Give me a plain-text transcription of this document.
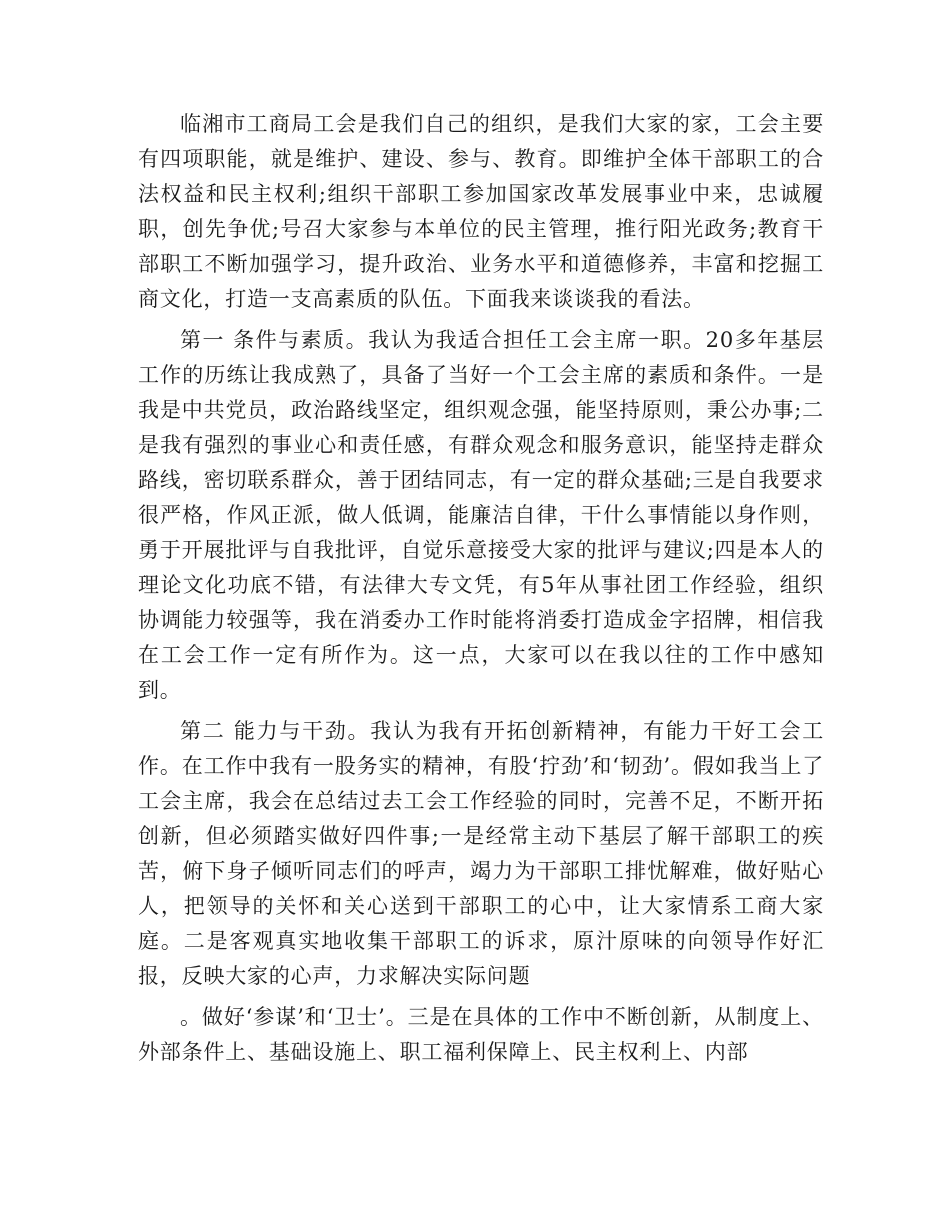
临湘市工商局工会是我们自己的组织，是我们大家的家，工会主要有四项职能，就是维护、建设、参与、教育。即维护全体干部职工的合法权益和民主权利;组织干部职工参加国家改革发展事业中来，忠诚履职，创先争优;号召大家参与本单位的民主管理，推行阳光政务;教育干部职工不断加强学习，提升政治、业务水平和道德修养，丰富和挖掘工商文化，打造一支高素质的队伍。下面我来谈谈我的看法。

第一 条件与素质。我认为我适合担任工会主席一职。20多年基层工作的历练让我成熟了，具备了当好一个工会主席的素质和条件。一是我是中共党员，政治路线坚定，组织观念强，能坚持原则，秉公办事;二是我有强烈的事业心和责任感，有群众观念和服务意识，能坚持走群众路线，密切联系群众，善于团结同志，有一定的群众基础;三是自我要求很严格，作风正派，做人低调，能廉洁自律，干什么事情能以身作则，勇于开展批评与自我批评，自觉乐意接受大家的批评与建议;四是本人的理论文化功底不错，有法律大专文凭，有5年从事社团工作经验，组织协调能力较强等，我在消委办工作时能将消委打造成金字招牌，相信我在工会工作一定有所作为。这一点，大家可以在我以往的工作中感知到。

第二 能力与干劲。我认为我有开拓创新精神，有能力干好工会工作。在工作中我有一股务实的精神，有股‘拧劲’和‘韧劲’。假如我当上了工会主席，我会在总结过去工会工作经验的同时，完善不足，不断开拓创新，但必须踏实做好四件事;一是经常主动下基层了解干部职工的疾苦，俯下身子倾听同志们的呼声，竭力为干部职工排忧解难，做好贴心人，把领导的关怀和关心送到干部职工的心中，让大家情系工商大家庭。二是客观真实地收集干部职工的诉求，原汁原味的向领导作好汇报，反映大家的心声，力求解决实际问题

。做好‘参谋’和‘卫士’。三是在具体的工作中不断创新，从制度上、外部条件上、基础设施上、职工福利保障上、民主权利上、内部
